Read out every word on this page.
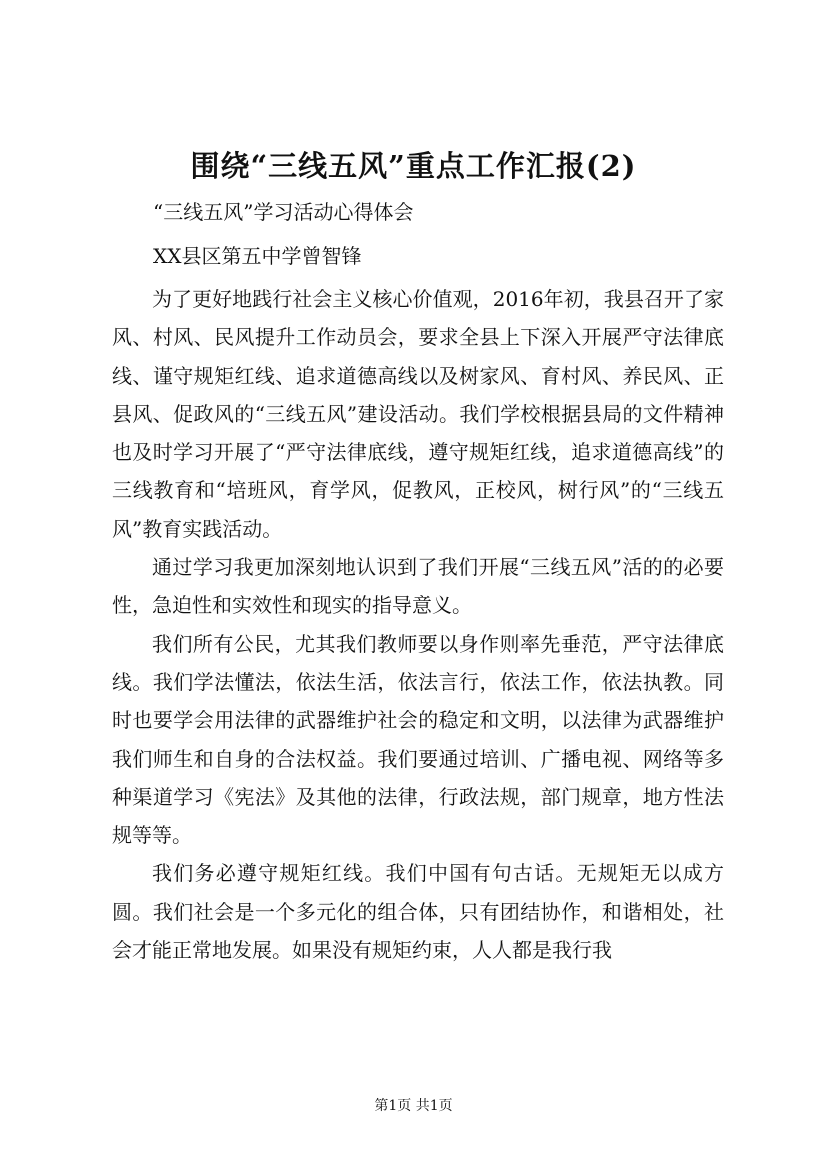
围绕“三线五风”重点工作汇报(2)
“三线五风”学习活动心得体会
XX县区第五中学曾智锋

为了更好地践行社会主义核心价值观，2016年初，我县召开了家风、村风、民风提升工作动员会，要求全县上下深入开展严守法律底线、谨守规矩红线、追求道德高线以及树家风、育村风、养民风、正县风、促政风的“三线五风”建设活动。我们学校根据县局的文件精神也及时学习开展了“严守法律底线，遵守规矩红线，追求道德高线”的三线教育和“培班风，育学风，促教风，正校风，树行风”的“三线五风”教育实践活动。

通过学习我更加深刻地认识到了我们开展“三线五风”活的的必要性，急迫性和实效性和现实的指导意义。

我们所有公民，尤其我们教师要以身作则率先垂范，严守法律底线。我们学法懂法，依法生活，依法言行，依法工作，依法执教。同时也要学会用法律的武器维护社会的稳定和文明，以法律为武器维护我们师生和自身的合法权益。我们要通过培训、广播电视、网络等多种渠道学习《宪法》及其他的法律，行政法规，部门规章，地方性法规等等。

我们务必遵守规矩红线。我们中国有句古话。无规矩无以成方圆。我们社会是一个多元化的组合体，只有团结协作，和谐相处，社会才能正常地发展。如果没有规矩约束，人人都是我行我

第1页 共1页
